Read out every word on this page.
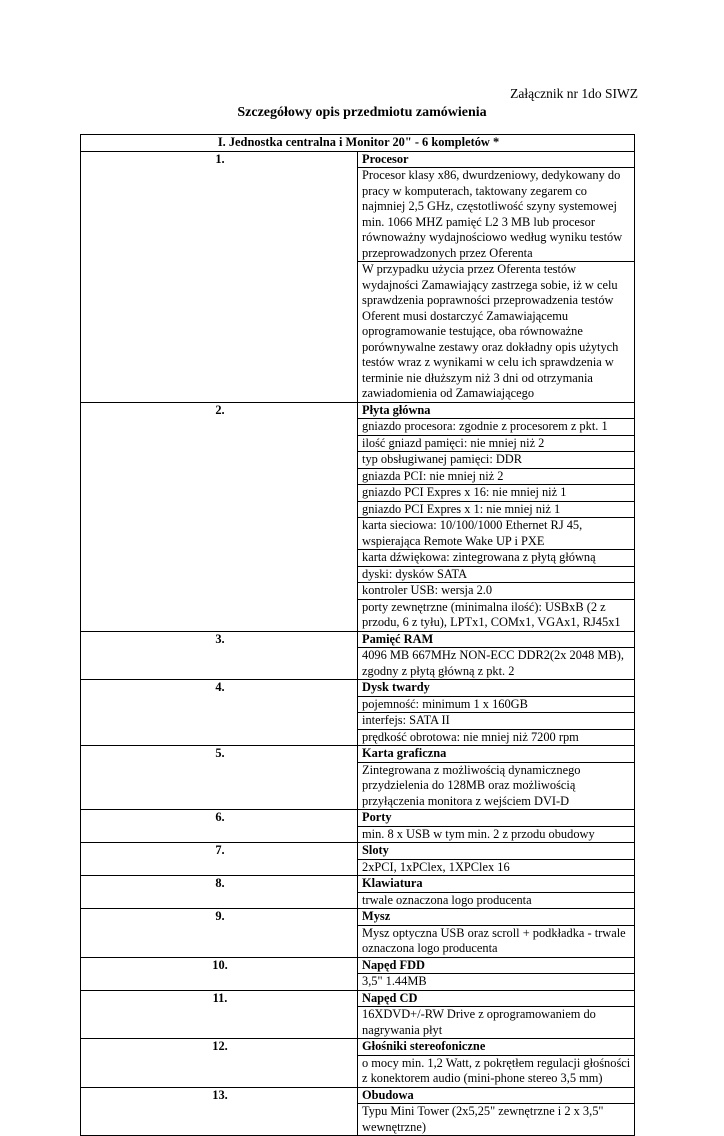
Załącznik nr 1do SIWZ
Szczegółowy opis przedmiotu zamówienia
I. Jednostka centralna i Monitor 20" - 6 kompletów *	
1.	Procesor
	Procesor klasy x86, dwurdzeniowy, dedykowany do pracy w komputerach, taktowany zegarem co najmniej 2,5 GHz, częstotliwość szyny systemowej min. 1066 MHZ pamięć L2 3 MB lub procesor równoważny wydajnościowo według wyniku testów przeprowadzonych przez Oferenta
	W przypadku użycia przez Oferenta testów wydajności Zamawiający zastrzega sobie, iż w celu sprawdzenia poprawności przeprowadzenia testów Oferent musi dostarczyć Zamawiającemu oprogramowanie testujące, oba równoważne porównywalne zestawy oraz dokładny opis użytych testów wraz z wynikami w celu ich sprawdzenia w terminie nie dłuższym niż 3 dni od otrzymania zawiadomienia od Zamawiającego
2.	Płyta główna
	gniazdo procesora: zgodnie z procesorem z pkt. 1
	ilość gniazd pamięci: nie mniej niż 2
	typ obsługiwanej pamięci: DDR
	gniazda PCI: nie mniej niż 2
	gniazdo PCI Expres x 16: nie mniej niż 1
	gniazdo PCI Expres x 1: nie mniej niż 1
	karta sieciowa: 10/100/1000 Ethernet RJ 45, wspierająca Remote Wake UP i PXE
	karta dźwiękowa: zintegrowana z płytą główną
	dyski: dysków SATA
	kontroler USB: wersja 2.0
	porty zewnętrzne (minimalna ilość): USBxB (2 z przodu, 6 z tyłu), LPTx1, COMx1, VGAx1, RJ45x1
3.	Pamięć RAM
	4096 MB 667MHz NON-ECC DDR2(2x 2048 MB), zgodny z płytą główną z pkt. 2
4.	Dysk twardy
	pojemność: minimum 1 x 160GB
	interfejs: SATA II
	prędkość obrotowa: nie mniej niż 7200 rpm
5.	Karta graficzna
	Zintegrowana z możliwością dynamicznego przydzielenia do 128MB oraz możliwością przyłączenia monitora z wejściem DVI-D
6.	Porty
	min. 8 x USB w tym min. 2 z przodu obudowy
7.	Sloty
	2xPCI, 1xPClex, 1XPClex 16
8.	Klawiatura
	trwale oznaczona logo producenta
9.	Mysz
	Mysz optyczna USB oraz scroll + podkładka - trwale oznaczona logo producenta
10.	Napęd FDD
	3,5" 1.44MB
11.	Napęd CD
	16XDVD+/-RW Drive z oprogramowaniem do nagrywania płyt
12.	Głośniki stereofoniczne
	o mocy min. 1,2 Watt, z pokrętłem regulacji głośności z konektorem audio (mini-phone stereo 3,5 mm)
13.	Obudowa
	Typu Mini Tower (2x5,25" zewnętrzne i 2 x 3,5" wewnętrzne)
